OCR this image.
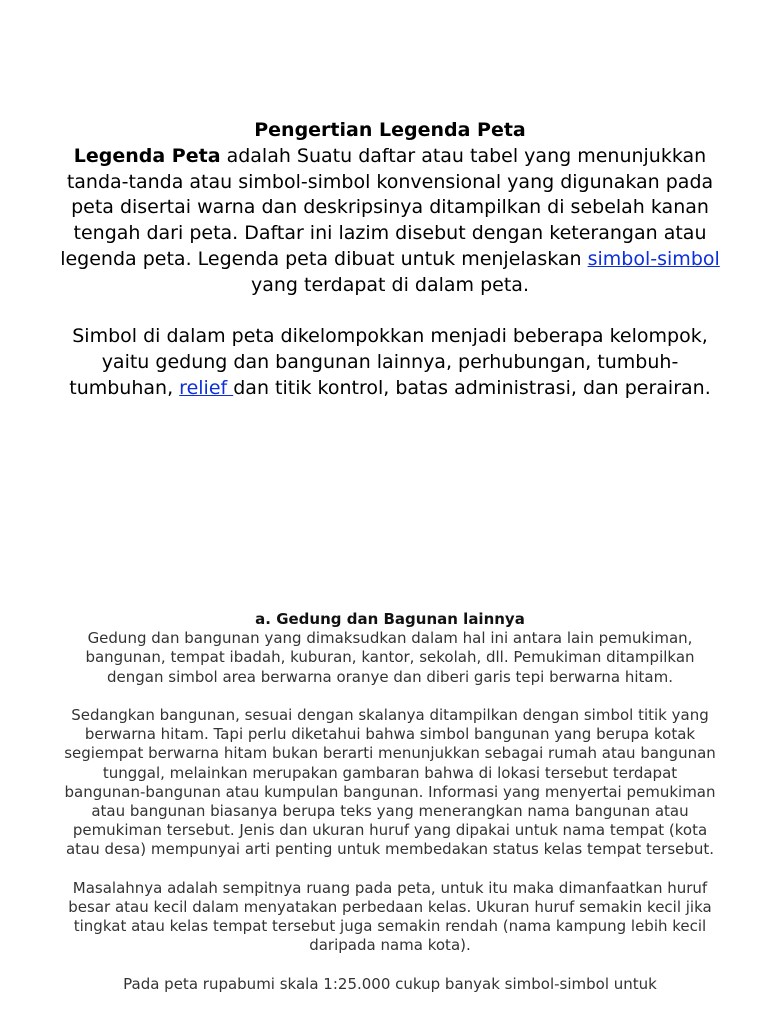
Pengertian Legenda Peta

Legenda Peta adalah Suatu daftar atau tabel yang menunjukkan tanda-tanda atau simbol-simbol konvensional yang digunakan pada peta disertai warna dan deskripsinya ditampilkan di sebelah kanan tengah dari peta. Daftar ini lazim disebut dengan keterangan atau legenda peta. Legenda peta dibuat untuk menjelaskan simbol-simbol yang terdapat di dalam peta.

Simbol di dalam peta dikelompokkan menjadi beberapa kelompok, yaitu gedung dan bangunan lainnya, perhubungan, tumbuh-tumbuhan, relief dan titik kontrol, batas administrasi, dan perairan.

a. Gedung dan Bagunan lainnya

Gedung dan bangunan yang dimaksudkan dalam hal ini antara lain pemukiman, bangunan, tempat ibadah, kuburan, kantor, sekolah, dll. Pemukiman ditampilkan dengan simbol area berwarna oranye dan diberi garis tepi berwarna hitam.

Sedangkan bangunan, sesuai dengan skalanya ditampilkan dengan simbol titik yang berwarna hitam. Tapi perlu diketahui bahwa simbol bangunan yang berupa kotak segiempat berwarna hitam bukan berarti menunjukkan sebagai rumah atau bangunan tunggal, melainkan merupakan gambaran bahwa di lokasi tersebut terdapat bangunan-bangunan atau kumpulan bangunan. Informasi yang menyertai pemukiman atau bangunan biasanya berupa teks yang menerangkan nama bangunan atau pemukiman tersebut. Jenis dan ukuran huruf yang dipakai untuk nama tempat (kota atau desa) mempunyai arti penting untuk membedakan status kelas tempat tersebut.

Masalahnya adalah sempitnya ruang pada peta, untuk itu maka dimanfaatkan huruf besar atau kecil dalam menyatakan perbedaan kelas. Ukuran huruf semakin kecil jika tingkat atau kelas tempat tersebut juga semakin rendah (nama kampung lebih kecil daripada nama kota).

Pada peta rupabumi skala 1:25.000 cukup banyak simbol-simbol untuk
